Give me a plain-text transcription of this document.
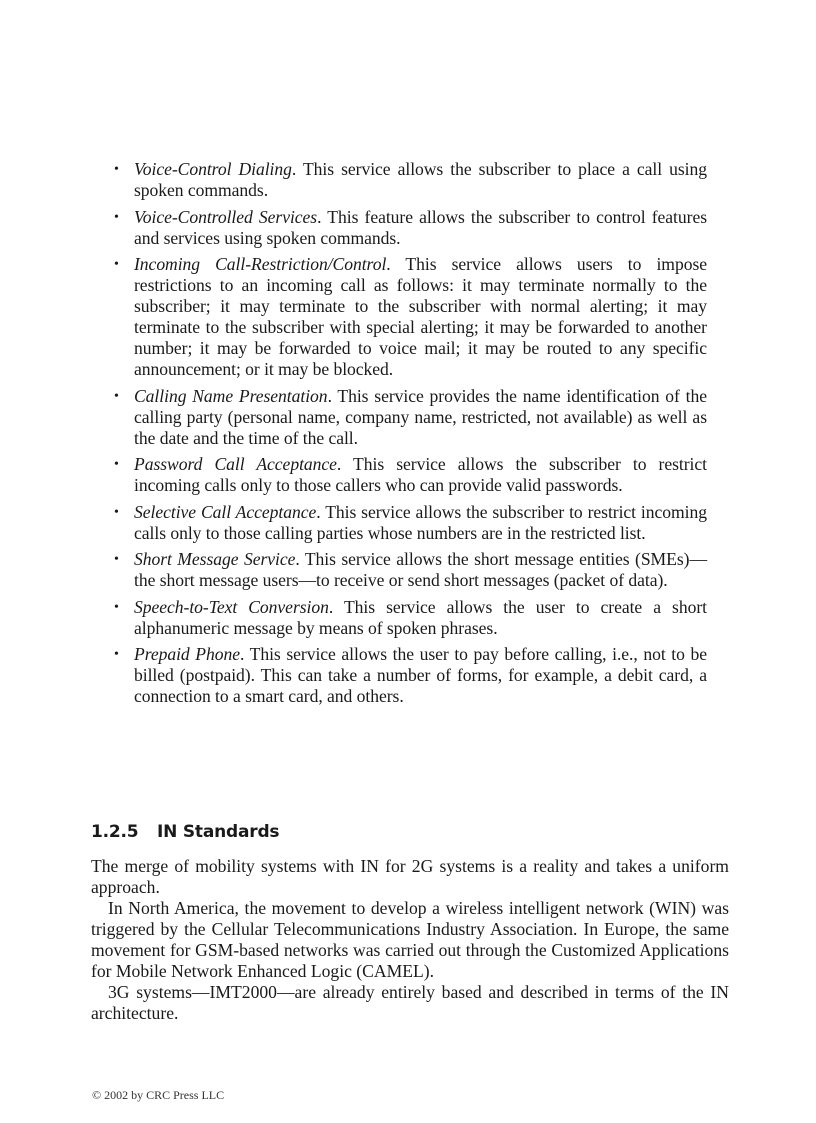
• Voice-Control Dialing. This service allows the subscriber to place a call using spoken commands.
• Voice-Controlled Services. This feature allows the subscriber to control features and services using spoken commands.
• Incoming Call-Restriction/Control. This service allows users to impose restrictions to an incoming call as follows: it may terminate normally to the subscriber; it may terminate to the subscriber with normal alerting; it may terminate to the subscriber with special alerting; it may be forwarded to another number; it may be forwarded to voice mail; it may be routed to any specific announcement; or it may be blocked.
• Calling Name Presentation. This service provides the name identification of the calling party (personal name, company name, restricted, not available) as well as the date and the time of the call.
• Password Call Acceptance. This service allows the subscriber to restrict incoming calls only to those callers who can provide valid passwords.
• Selective Call Acceptance. This service allows the subscriber to restrict incoming calls only to those calling parties whose numbers are in the restricted list.
• Short Message Service. This service allows the short message entities (SMEs)—the short message users—to receive or send short messages (packet of data).
• Speech-to-Text Conversion. This service allows the user to create a short alphanumeric message by means of spoken phrases.
• Prepaid Phone. This service allows the user to pay before calling, i.e., not to be billed (postpaid). This can take a number of forms, for example, a debit card, a connection to a smart card, and others.
1.2.5 IN Standards

The merge of mobility systems with IN for 2G systems is a reality and takes a uniform approach.

In North America, the movement to develop a wireless intelligent network (WIN) was triggered by the Cellular Telecommunications Industry Association. In Europe, the same movement for GSM-based networks was carried out through the Customized Applications for Mobile Network Enhanced Logic (CAMEL).

3G systems—IMT2000—are already entirely based and described in terms of the IN architecture.

© 2002 by CRC Press LLC
